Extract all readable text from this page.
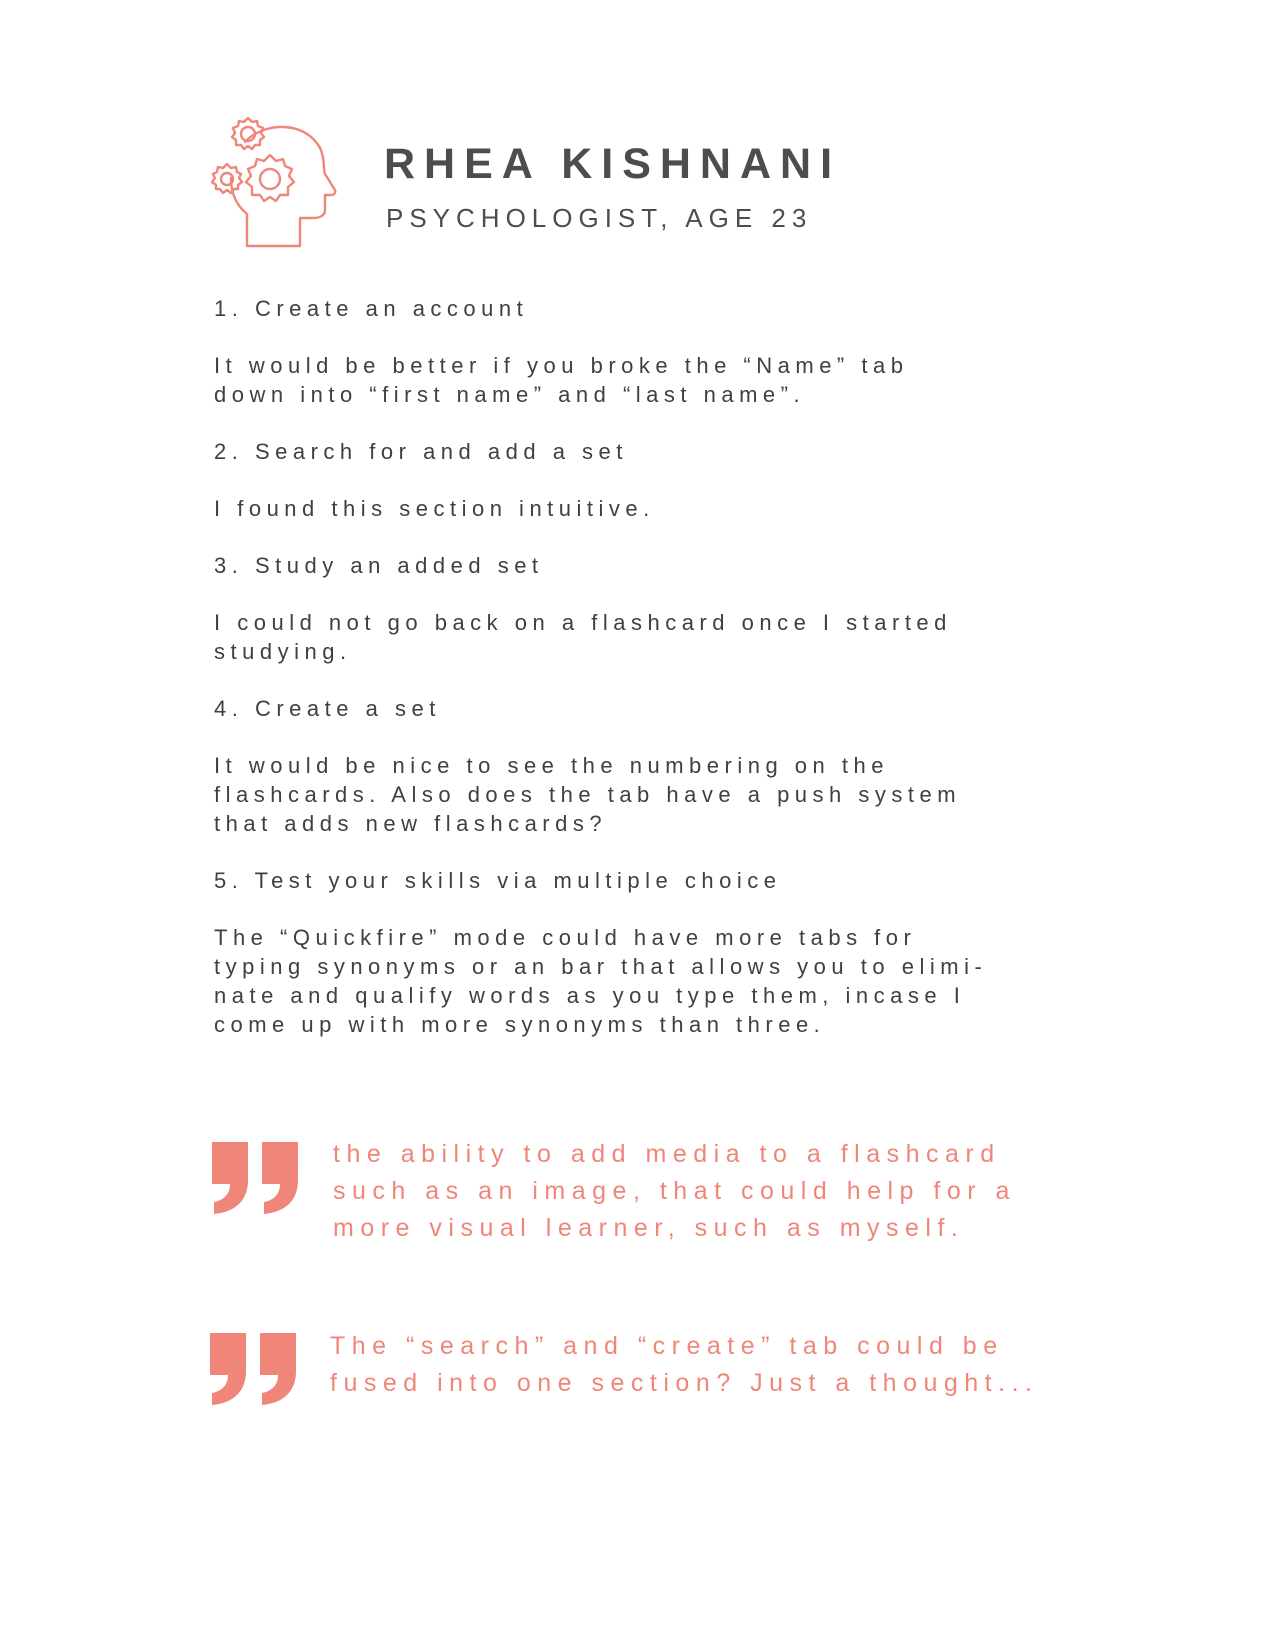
RHEA KISHNANI
PSYCHOLOGIST, AGE 23
1. Create an account
It would be better if you broke the “Name” tab
down into “first name” and “last name”.
2. Search for and add a set
I found this section intuitive.
3. Study an added set
I could not go back on a flashcard once I started
studying.
4. Create a set
It would be nice to see the numbering on the
flashcards. Also does the tab have a push system
that adds new flashcards?
5. Test your skills via multiple choice
The “Quickfire” mode could have more tabs for
typing synonyms or an bar that allows you to elimi-
nate and qualify words as you type them, incase I
come up with more synonyms than three.
the ability to add media to a flashcard
such as an image, that could help for a
more visual learner, such as myself.
The “search” and “create” tab could be
fused into one section? Just a thought...
